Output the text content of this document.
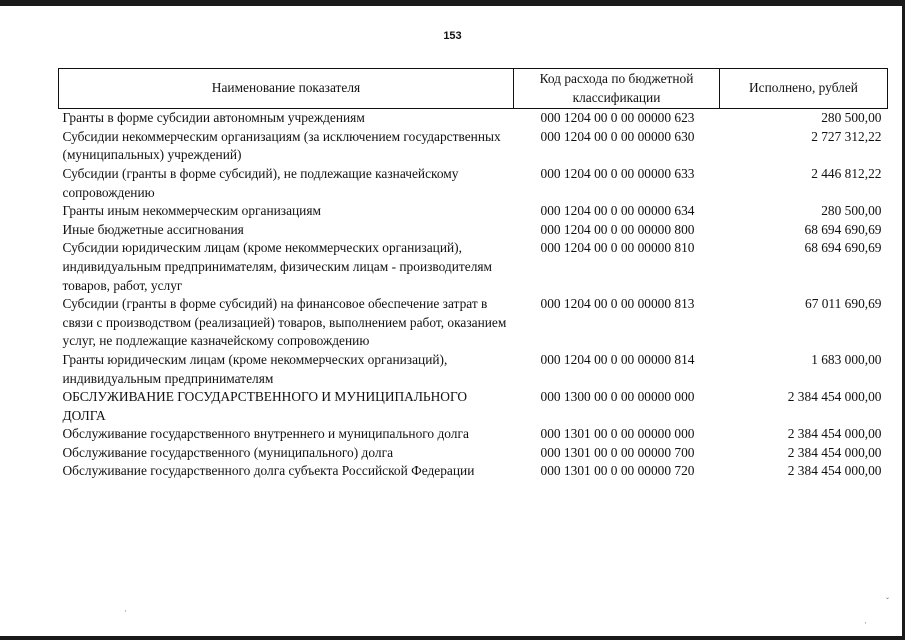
153
Наименование показателя	Код расхода по бюджетной классификации	Исполнено, рублей
Гранты в форме субсидии автономным учреждениям	000 1204 00 0 00 00000 623	280 500,00
Субсидии некоммерческим организациям (за исключением государственных (муниципальных) учреждений)	000 1204 00 0 00 00000 630	2 727 312,22
Субсидии (гранты в форме субсидий), не подлежащие казначейскому сопровождению	000 1204 00 0 00 00000 633	2 446 812,22
Гранты иным некоммерческим организациям	000 1204 00 0 00 00000 634	280 500,00
Иные бюджетные ассигнования	000 1204 00 0 00 00000 800	68 694 690,69
Субсидии юридическим лицам (кроме некоммерческих организаций), индивидуальным предпринимателям, физическим лицам - производителям товаров, работ, услуг	000 1204 00 0 00 00000 810	68 694 690,69
Субсидии (гранты в форме субсидий) на финансовое обеспечение затрат в связи с производством (реализацией) товаров, выполнением работ, оказанием услуг, не подлежащие казначейскому сопровождению	000 1204 00 0 00 00000 813	67 011 690,69
Гранты юридическим лицам (кроме некоммерческих организаций), индивидуальным предпринимателям	000 1204 00 0 00 00000 814	1 683 000,00
ОБСЛУЖИВАНИЕ ГОСУДАРСТВЕННОГО И МУНИЦИПАЛЬНОГО ДОЛГА	000 1300 00 0 00 00000 000	2 384 454 000,00
Обслуживание государственного внутреннего и муниципального долга	000 1301 00 0 00 00000 000	2 384 454 000,00
Обслуживание государственного (муниципального) долга	000 1301 00 0 00 00000 700	2 384 454 000,00
Обслуживание государственного долга субъекта Российской Федерации	000 1301 00 0 00 00000 720	2 384 454 000,00
·
ˇ
·
